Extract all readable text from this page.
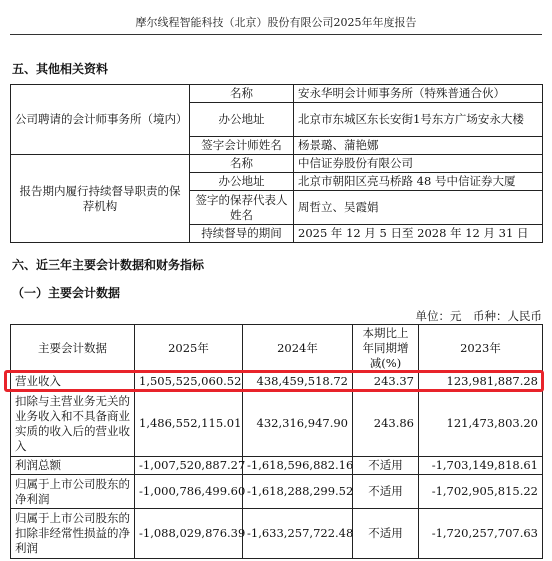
摩尔线程智能科技（北京）股份有限公司2025年年度报告
五、其他相关资料
公司聘请的会计师事务所（境内）	名称	安永华明会计师事务所（特殊普通合伙）
	办公地址	北京市东城区东长安街1号东方广场安永大楼

	签字会计师姓名	杨景璐、蒲艳娜
报告期内履行持续督导职责的保荐机构	名称	中信证券股份有限公司
	办公地址	北京市朝阳区亮马桥路 48 号中信证券大厦
	签字的保荐代表人姓名	周哲立、吴霞娟
	持续督导的期间	2025 年 12 月 5 日至 2028 年 12 月 31 日
六、近三年主要会计数据和财务指标
（一）主要会计数据
单位：元　币种：人民币
主要会计数据	2025年	2024年	本期比上年同期增减(%)	2023年
营业收入	1,505,525,060.52	438,459,518.72	243.37	123,981,887.28
扣除与主营业务无关的业务收入和不具备商业实质的收入后的营业收入	1,486,552,115.01	432,316,947.90	243.86	121,473,803.20
利润总额	-1,007,520,887.27	-1,618,596,882.16	不适用	-1,703,149,818.61
归属于上市公司股东的净利润	-1,000,786,499.60	-1,618,288,299.52	不适用	-1,702,905,815.22
归属于上市公司股东的扣除非经常性损益的净利润	-1,088,029,876.39	-1,633,257,722.48	不适用	-1,720,257,707.63
